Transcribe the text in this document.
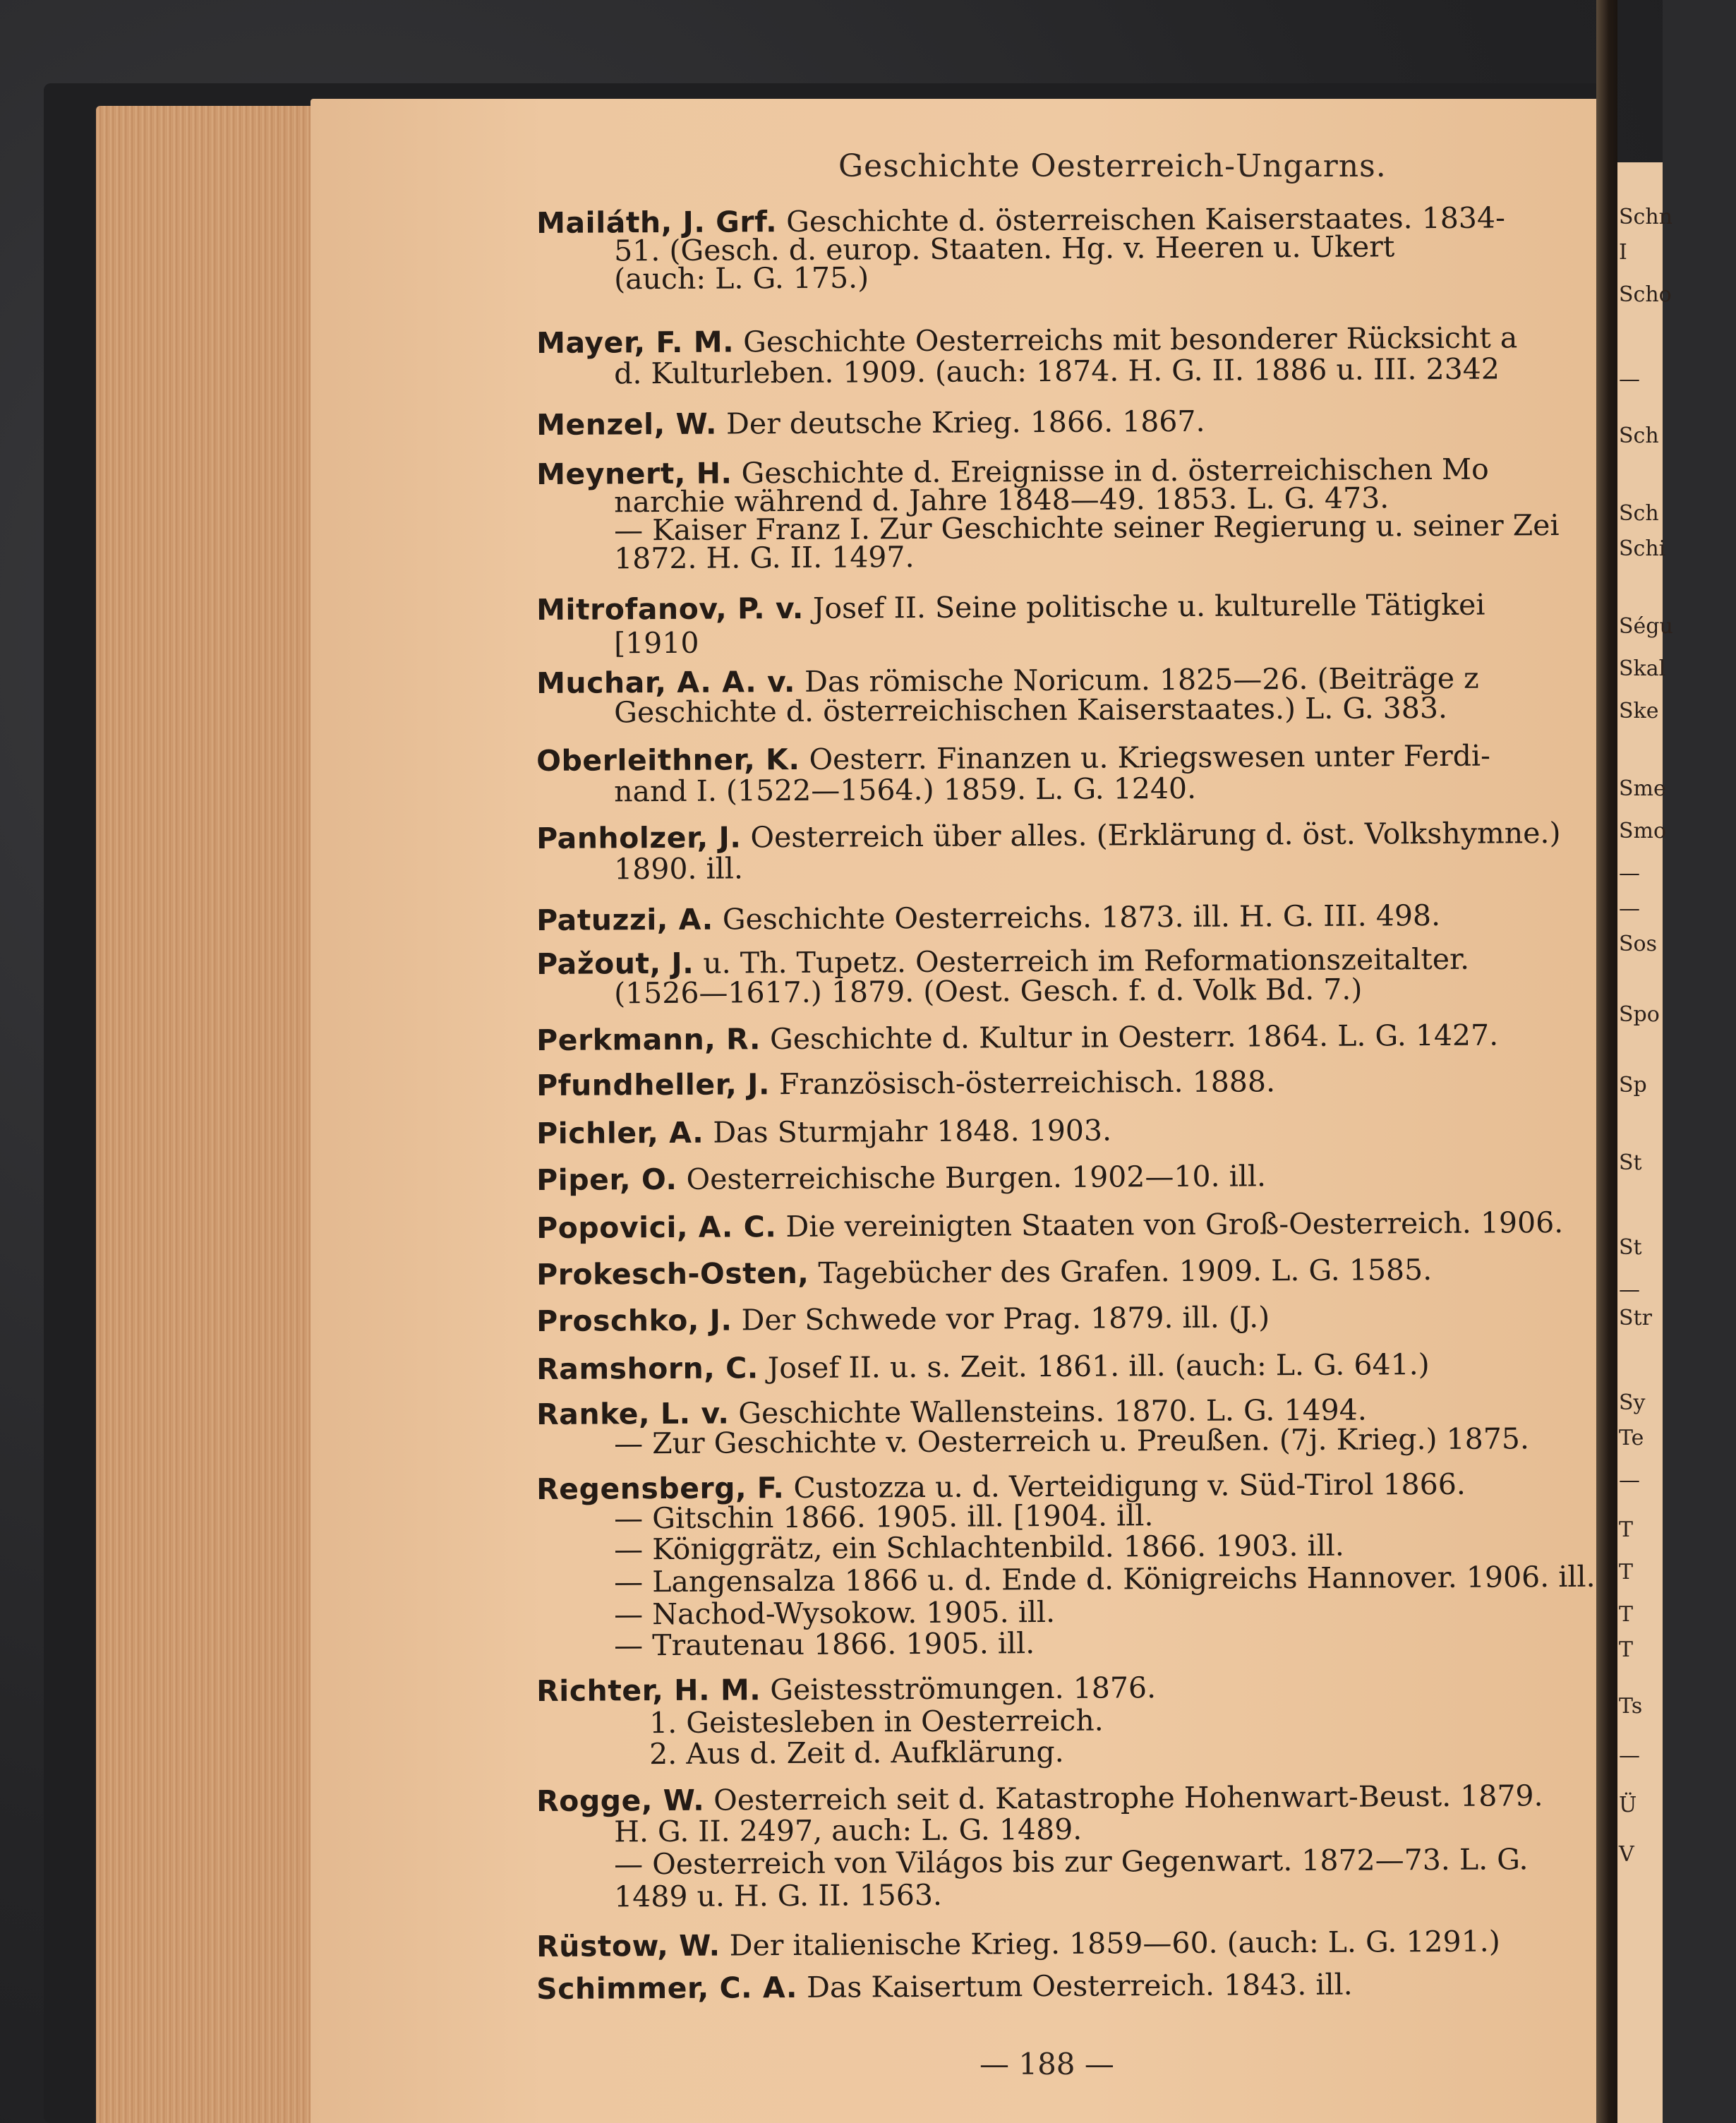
Schn
I
Scho
—
Sch
Sch
Schi
Ségu
Skal
Ske
Sme
Smo
—
—
Sos
Spo
Sp
St
St
—
Str
Sy
Te
—
T
T
T
T
Ts
—
Ü
V
Geschichte Oesterreich-Ungarns.
Mailáth, J. Grf. Geschichte d. österreischen Kaiserstaates. 1834-
51. (Gesch. d. europ. Staaten. Hg. v. Heeren u. Ukert
(auch: L. G. 175.)
Mayer, F. M. Geschichte Oesterreichs mit besonderer Rücksicht a
d. Kulturleben. 1909. (auch: 1874. H. G. II. 1886 u. III. 2342
Menzel, W. Der deutsche Krieg. 1866. 1867.
Meynert, H. Geschichte d. Ereignisse in d. österreichischen Mo
narchie während d. Jahre 1848—49. 1853. L. G. 473.
— Kaiser Franz I. Zur Geschichte seiner Regierung u. seiner Zei
1872. H. G. II. 1497.
Mitrofanov, P. v. Josef II. Seine politische u. kulturelle Tätigkei
[1910
Muchar, A. A. v. Das römische Noricum. 1825—26. (Beiträge z
Geschichte d. österreichischen Kaiserstaates.) L. G. 383.
Oberleithner, K. Oesterr. Finanzen u. Kriegswesen unter Ferdi-
nand I. (1522—1564.) 1859. L. G. 1240.
Panholzer, J. Oesterreich über alles. (Erklärung d. öst. Volkshymne.)
1890. ill.
Patuzzi, A. Geschichte Oesterreichs. 1873. ill. H. G. III. 498.
Pažout, J. u. Th. Tupetz. Oesterreich im Reformationszeitalter.
(1526—1617.) 1879. (Oest. Gesch. f. d. Volk Bd. 7.)
Perkmann, R. Geschichte d. Kultur in Oesterr. 1864. L. G. 1427.
Pfundheller, J. Französisch-österreichisch. 1888.
Pichler, A. Das Sturmjahr 1848. 1903.
Piper, O. Oesterreichische Burgen. 1902—10. ill.
Popovici, A. C. Die vereinigten Staaten von Groß-Oesterreich. 1906.
Prokesch-Osten, Tagebücher des Grafen. 1909. L. G. 1585.
Proschko, J. Der Schwede vor Prag. 1879. ill. (J.)
Ramshorn, C. Josef II. u. s. Zeit. 1861. ill. (auch: L. G. 641.)
Ranke, L. v. Geschichte Wallensteins. 1870. L. G. 1494.
— Zur Geschichte v. Oesterreich u. Preußen. (7j. Krieg.) 1875.
Regensberg, F. Custozza u. d. Verteidigung v. Süd-Tirol 1866.
— Gitschin 1866. 1905. ill. [1904. ill.
— Königgrätz, ein Schlachtenbild. 1866. 1903. ill.
— Langensalza 1866 u. d. Ende d. Königreichs Hannover. 1906. ill.
— Nachod-Wysokow. 1905. ill.
— Trautenau 1866. 1905. ill.
Richter, H. M. Geistesströmungen. 1876.
1. Geistesleben in Oesterreich.
2. Aus d. Zeit d. Aufklärung.
Rogge, W. Oesterreich seit d. Katastrophe Hohenwart-Beust. 1879.
H. G. II. 2497, auch: L. G. 1489.
— Oesterreich von Világos bis zur Gegenwart. 1872—73. L. G.
1489 u. H. G. II. 1563.
Rüstow, W. Der italienische Krieg. 1859—60. (auch: L. G. 1291.)
Schimmer, C. A. Das Kaisertum Oesterreich. 1843. ill.
— 188 —
